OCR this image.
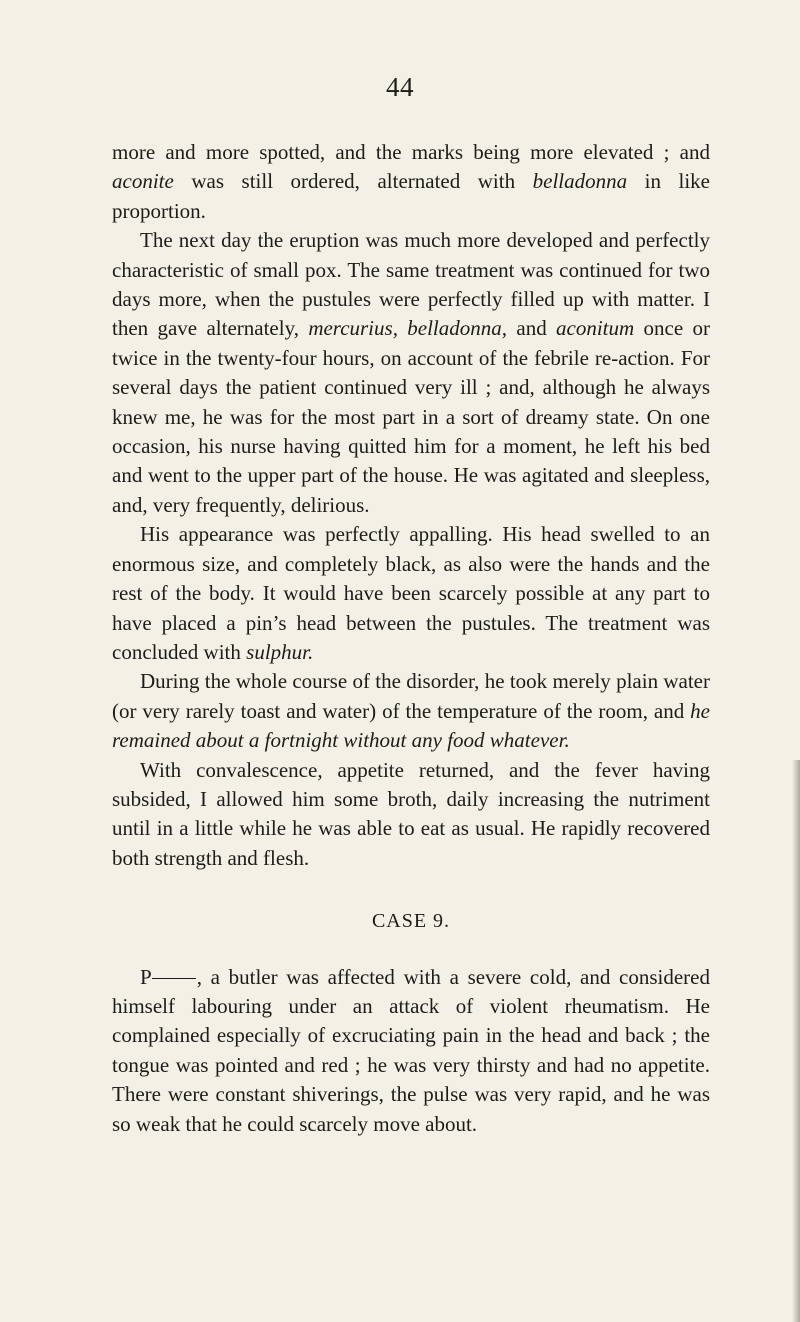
44

more and more spotted, and the marks being more elevated ; and aconite was still ordered, alternated with belladonna in like proportion.

The next day the eruption was much more developed and perfectly characteristic of small pox. The same treatment was continued for two days more, when the pustules were perfectly filled up with matter. I then gave alternately, mercurius, belladonna, and aconitum once or twice in the twenty-four hours, on account of the febrile re-action. For several days the patient continued very ill ; and, although he always knew me, he was for the most part in a sort of dreamy state. On one occasion, his nurse having quitted him for a moment, he left his bed and went to the upper part of the house. He was agitated and sleepless, and, very frequently, delirious.

His appearance was perfectly appalling. His head swelled to an enormous size, and completely black, as also were the hands and the rest of the body. It would have been scarcely possible at any part to have placed a pin’s head between the pustules. The treatment was concluded with sulphur.

During the whole course of the disorder, he took merely plain water (or very rarely toast and water) of the temperature of the room, and he remained about a fortnight without any food whatever.

With convalescence, appetite returned, and the fever having subsided, I allowed him some broth, daily increasing the nutriment until in a little while he was able to eat as usual. He rapidly recovered both strength and flesh.

CASE 9.

P , a butler was affected with a severe cold, and considered himself labouring under an attack of violent rheumatism. He complained especially of excruciating pain in the head and back ; the tongue was pointed and red ; he was very thirsty and had no appetite. There were constant shiverings, the pulse was very rapid, and he was so weak that he could scarcely move about.
